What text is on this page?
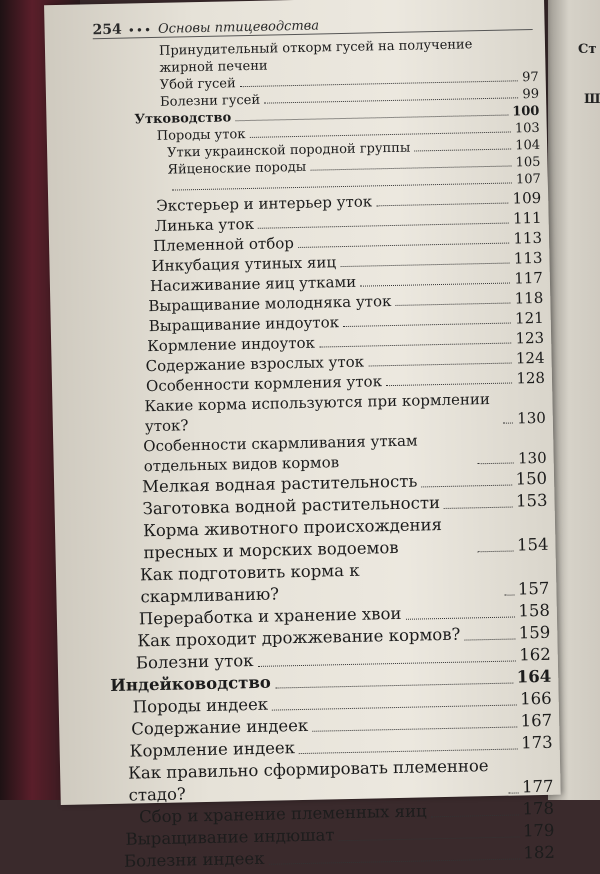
Ст
Ш
254 ••• Основы птицеводства
Принудительный откорм гусей на получение жирной печени
Убой гусей	97
Болезни гусей	99
Утководство	100
Породы уток	103
Утки украинской породной группы	104
Яйценоские породы	105
107
Экстерьер и интерьер уток	109
Линька уток	111
Племенной отбор	113
Инкубация утиных яиц	113
Насиживание яиц утками	117
Выращивание молодняка уток	118
Выращивание индоуток	121
Кормление индоуток	123
Содержание взрослых уток	124
Особенности кормления уток	128
Какие корма используются при кормлении уток?	130
Особенности скармливания уткам отдельных видов кормов	130
Мелкая водная растительность	150
Заготовка водной растительности	153
Корма животного происхождения пресных и морских водоемов	154
Как подготовить корма к скармливанию?	157
Переработка и хранение хвои	158
Как проходит дрожжевание кормов?	159
Болезни уток	162
Индейководство	164
Породы индеек	166
Содержание индеек	167
Кормление индеек	173
Как правильно сформировать племенное стадо?	177
Сбор и хранение племенных яиц	178
Выращивание индюшат	179
Болезни индеек	182
